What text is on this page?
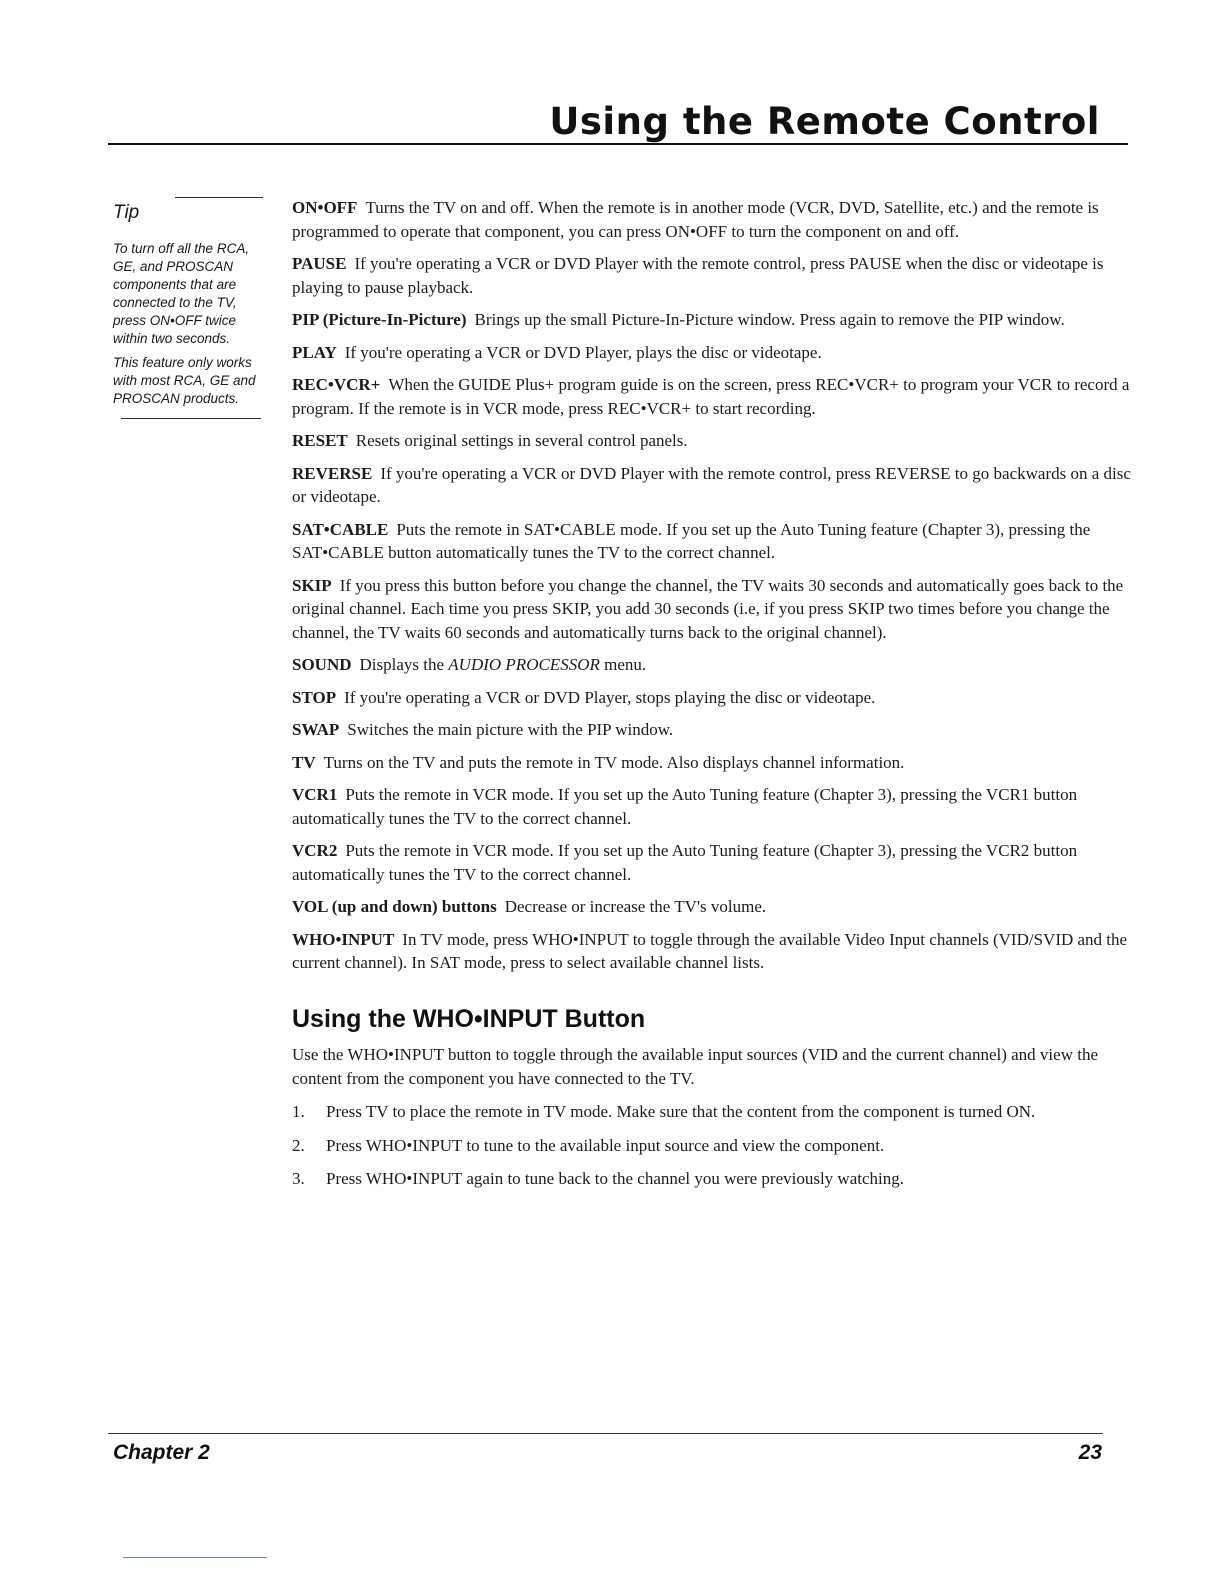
Using the Remote Control
Tip

To turn off all the RCA, GE, and PROSCAN components that are connected to the TV, press ON•OFF twice within two seconds.

This feature only works with most RCA, GE and PROSCAN products.

ON•OFF Turns the TV on and off. When the remote is in another mode (VCR, DVD, Satellite, etc.) and the remote is programmed to operate that component, you can press ON•OFF to turn the component on and off.

PAUSE If you're operating a VCR or DVD Player with the remote control, press PAUSE when the disc or videotape is playing to pause playback.

PIP (Picture-In-Picture) Brings up the small Picture-In-Picture window. Press again to remove the PIP window.

PLAY If you're operating a VCR or DVD Player, plays the disc or videotape.

REC•VCR+ When the GUIDE Plus+ program guide is on the screen, press REC•VCR+ to program your VCR to record a program. If the remote is in VCR mode, press REC•VCR+ to start recording.

RESET Resets original settings in several control panels.

REVERSE If you're operating a VCR or DVD Player with the remote control, press REVERSE to go backwards on a disc or videotape.

SAT•CABLE Puts the remote in SAT•CABLE mode. If you set up the Auto Tuning feature (Chapter 3), pressing the SAT•CABLE button automatically tunes the TV to the correct channel.

SKIP If you press this button before you change the channel, the TV waits 30 seconds and automatically goes back to the original channel. Each time you press SKIP, you add 30 seconds (i.e, if you press SKIP two times before you change the channel, the TV waits 60 seconds and automatically turns back to the original channel).

SOUND Displays the AUDIO PROCESSOR menu.

STOP If you're operating a VCR or DVD Player, stops playing the disc or videotape.

SWAP Switches the main picture with the PIP window.

TV Turns on the TV and puts the remote in TV mode. Also displays channel information.

VCR1 Puts the remote in VCR mode. If you set up the Auto Tuning feature (Chapter 3), pressing the VCR1 button automatically tunes the TV to the correct channel.

VCR2 Puts the remote in VCR mode. If you set up the Auto Tuning feature (Chapter 3), pressing the VCR2 button automatically tunes the TV to the correct channel.

VOL (up and down) buttons Decrease or increase the TV's volume.

WHO•INPUT In TV mode, press WHO•INPUT to toggle through the available Video Input channels (VID/SVID and the current channel). In SAT mode, press to select available channel lists.

Using the WHO•INPUT Button

Use the WHO•INPUT button to toggle through the available input sources (VID and the current channel) and view the content from the component you have connected to the TV.

1. Press TV to place the remote in TV mode. Make sure that the content from the component is turned ON.
2. Press WHO•INPUT to tune to the available input source and view the component.
3. Press WHO•INPUT again to tune back to the channel you were previously watching.
Chapter 2	23
